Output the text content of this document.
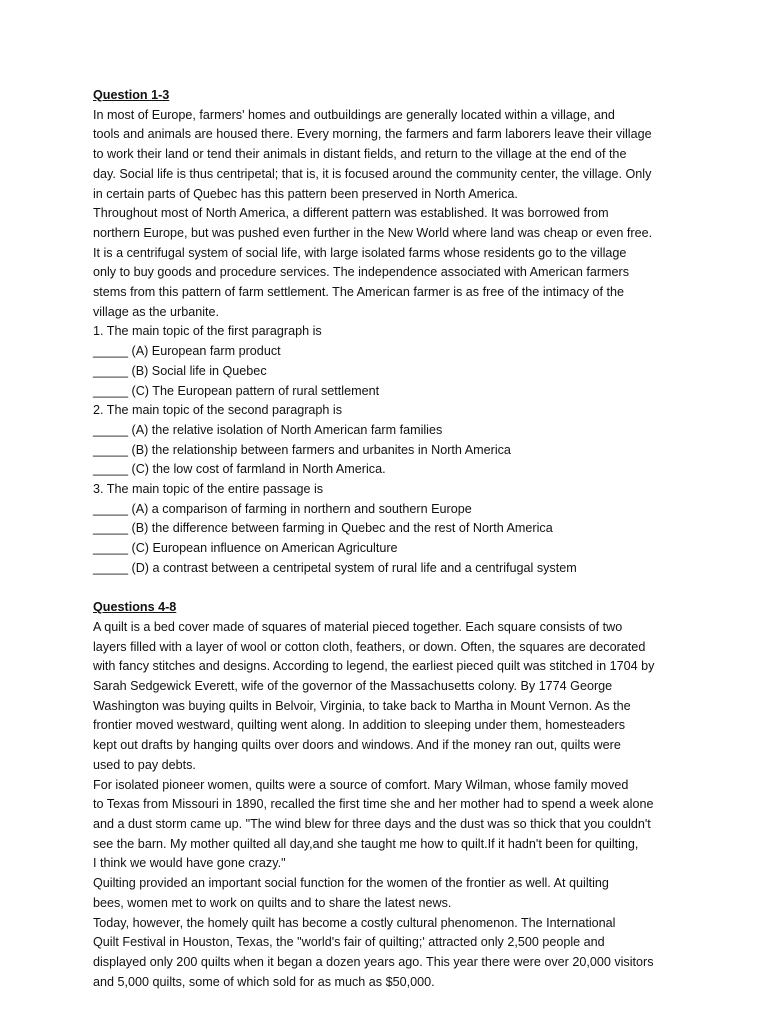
Question 1-3
In most of Europe, farmers' homes and outbuildings are generally located within a village, and
tools and animals are housed there. Every morning, the farmers and farm laborers leave their village
to work their land or tend their animals in distant fields, and return to the village at the end of the
day. Social life is thus centripetal; that is, it is focused around the community center, the village. Only
in certain parts of Quebec has this pattern been preserved in North America.
Throughout most of North America, a different pattern was established. It was borrowed from
northern Europe, but was pushed even further in the New World where land was cheap or even free.
It is a centrifugal system of social life, with large isolated farms whose residents go to the village
only to buy goods and procedure services. The independence associated with American farmers
stems from this pattern of farm settlement. The American farmer is as free of the intimacy of the
village as the urbanite.
1. The main topic of the first paragraph is
_____ (A) European farm product
_____ (B) Social life in Quebec
_____ (C) The European pattern of rural settlement
2. The main topic of the second paragraph is
_____ (A) the relative isolation of North American farm families
_____ (B) the relationship between farmers and urbanites in North America
_____ (C) the low cost of farmland in North America.
3. The main topic of the entire passage is
_____ (A) a comparison of farming in northern and southern Europe
_____ (B) the difference between farming in Quebec and the rest of North America
_____ (C) European influence on American Agriculture
_____ (D) a contrast between a centripetal system of rural life and a centrifugal system
Questions 4-8
A quilt is a bed cover made of squares of material pieced together. Each square consists of two
layers filled with a layer of wool or cotton cloth, feathers, or down. Often, the squares are decorated
with fancy stitches and designs. According to legend, the earliest pieced quilt was stitched in 1704 by
Sarah Sedgewick Everett, wife of the governor of the Massachusetts colony. By 1774 George
Washington was buying quilts in Belvoir, Virginia, to take back to Martha in Mount Vernon. As the
frontier moved westward, quilting went along. In addition to sleeping under them, homesteaders
kept out drafts by hanging quilts over doors and windows. And if the money ran out, quilts were
used to pay debts.
For isolated pioneer women, quilts were a source of comfort. Mary Wilman, whose family moved
to Texas from Missouri in 1890, recalled the first time she and her mother had to spend a week alone
and a dust storm came up. "The wind blew for three days and the dust was so thick that you couldn't
see the barn. My mother quilted all day,and she taught me how to quilt.If it hadn't been for quilting,
I think we would have gone crazy."
Quilting provided an important social function for the women of the frontier as well. At quilting
bees, women met to work on quilts and to share the latest news.
Today, however, the homely quilt has become a costly cultural phenomenon. The International
Quilt Festival in Houston, Texas, the "world's fair of quilting;' attracted only 2,500 people and
displayed only 200 quilts when it began a dozen years ago. This year there were over 20,000 visitors
and 5,000 quilts, some of which sold for as much as $50,000.
